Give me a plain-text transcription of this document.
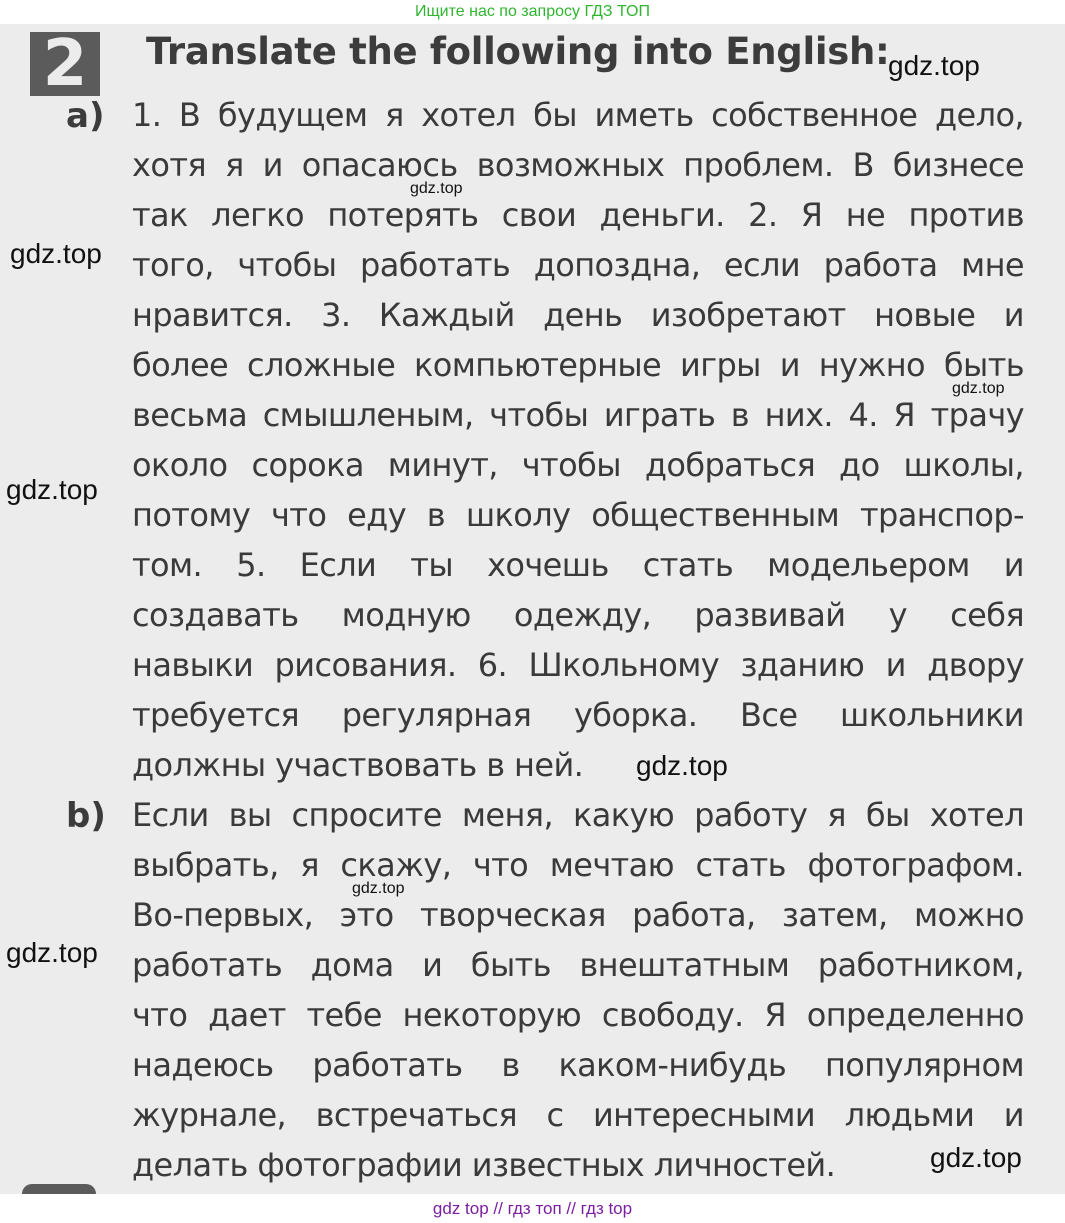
Ищите нас по запросу ГДЗ ТОП
2	Translate the following into English:
a) 1. В будущем я хотел бы иметь собственное дело,
хотя я и опасаюсь возможных проблем. В бизнесе
так легко потерять свои деньги. 2. Я не против
того, чтобы работать допоздна, если работа мне
нравится. 3. Каждый день изобретают новые и
более сложные компьютерные игры и нужно быть
весьма смышленым, чтобы играть в них. 4. Я трачу
около сорока минут, чтобы добраться до школы,
потому что еду в школу общественным транспор-
том. 5. Если ты хочешь стать модельером и
создавать модную одежду, развивай у себя
навыки рисования. 6. Школьному зданию и двору
требуется регулярная уборка. Все школьники
должны участвовать в ней.
b) Если вы спросите меня, какую работу я бы хотел
выбрать, я скажу, что мечтаю стать фотографом.
Во-первых, это творческая работа, затем, можно
работать дома и быть внештатным работником,
что дает тебе некоторую свободу. Я определенно
надеюсь работать в каком-нибудь популярном
журнале, встречаться с интересными людьми и
делать фотографии известных личностей.
gdz.top
gdz.top
gdz.top
gdz.top
gdz.top
gdz.top
gdz.top
gdz.top
gdz.top
gdz top // гдз топ // гдз top
